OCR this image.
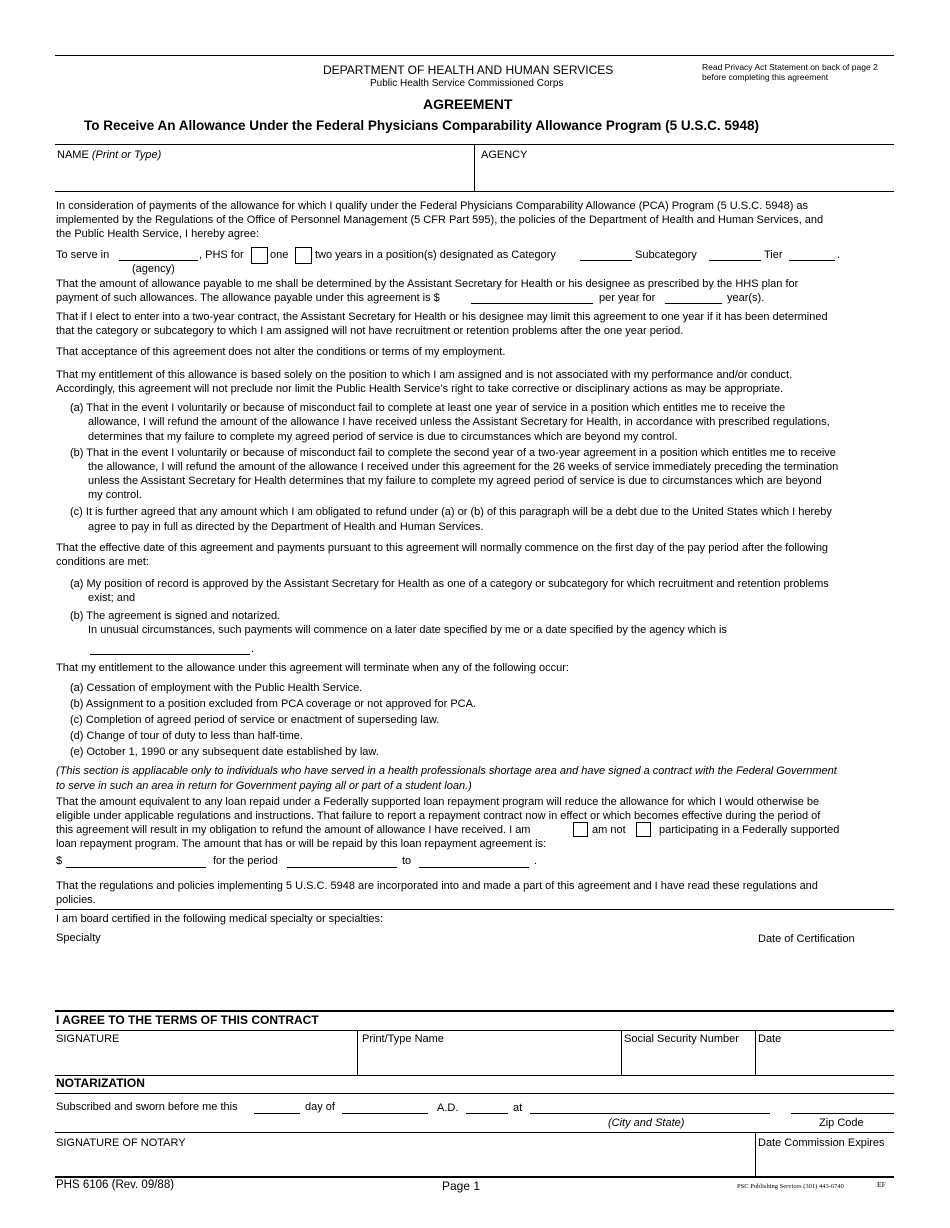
DEPARTMENT OF HEALTH AND HUMAN SERVICES
Public Health Service Commissioned Corps
Read Privacy Act Statement on back of page 2
before completing this agreement
AGREEMENT
To Receive An Allowance Under the Federal Physicians Comparability Allowance Program (5 U.S.C. 5948)
NAME (Print or Type)	AGENCY
In consideration of payments of the allowance for which I qualify under the Federal Physicians Comparability Allowance (PCA) Program (5 U.S.C. 5948) as
implemented by the Regulations of the Office of Personnel Management (5 CFR Part 595), the policies of the Department of Health and Human Services, and
the Public Health Service, I hereby agree:
To serve in	, PHS for one two years in a position(s) designated as Category	Subcategory	Tier	.
(agency)
That the amount of allowance payable to me shall be determined by the Assistant Secretary for Health or his designee as prescribed by the HHS plan for
payment of such allowances. The allowance payable under this agreement is $	per year for	year(s).
That if I elect to enter into a two-year contract, the Assistant Secretary for Health or his designee may limit this agreement to one year if it has been determined
that the category or subcategory to which I am assigned will not have recruitment or retention problems after the one year period.
That acceptance of this agreement does not alter the conditions or terms of my employment.
That my entitlement of this allowance is based solely on the position to which I am assigned and is not associated with my performance and/or conduct.
Accordingly, this agreement will not preclude nor limit the Public Health Service’s right to take corrective or disciplinary actions as may be appropriate.
(a) That in the event I voluntarily or because of misconduct fail to complete at least one year of service in a position which entitles me to receive the
allowance, I will refund the amount of the allowance I have received unless the Assistant Secretary for Health, in accordance with prescribed regulations,
determines that my failure to complete my agreed period of service is due to circumstances which are beyond my control.
(b) That in the event I voluntarily or because of misconduct fail to complete the second year of a two-year agreement in a position which entitles me to receive
the allowance, I will refund the amount of the allowance I received under this agreement for the 26 weeks of service immediately preceding the termination
unless the Assistant Secretary for Health determines that my failure to complete my agreed period of service is due to circumstances which are beyond
my control.
(c) It is further agreed that any amount which I am obligated to refund under (a) or (b) of this paragraph will be a debt due to the United States which I hereby
agree to pay in full as directed by the Department of Health and Human Services.
That the effective date of this agreement and payments pursuant to this agreement will normally commence on the first day of the pay period after the following
conditions are met:
(a) My position of record is approved by the Assistant Secretary for Health as one of a category or subcategory for which recruitment and retention problems
exist; and
(b) The agreement is signed and notarized.
In unusual circumstances, such payments will commence on a later date specified by me or a date specified by the agency which is
.
That my entitlement to the allowance under this agreement will terminate when any of the following occur:
(a) Cessation of employment with the Public Health Service.
(b) Assignment to a position excluded from PCA coverage or not approved for PCA.
(c) Completion of agreed period of service or enactment of superseding law.
(d) Change of tour of duty to less than half-time.
(e) October 1, 1990 or any subsequent date established by law.
(This section is appliacable only to individuals who have served in a health professionals shortage area and have signed a contract with the Federal Government
to serve in such an area in return for Government paying all or part of a student loan.)
That the amount equivalent to any loan repaid under a Federally supported loan repayment program will reduce the allowance for which I would otherwise be
eligible under applicable regulations and instructions. That failure to report a repayment contract now in effect or which becomes effective during the period of
this agreement will result in my obligation to refund the amount of allowance I have received. I am	am not	participating in a Federally supported
loan repayment program. The amount that has or will be repaid by this loan repayment agreement is:
$	for the period	to	.
That the regulations and policies implementing 5 U.S.C. 5948 are incorporated into and made a part of this agreement and I have read these regulations and
policies.
I am board certified in the following medical specialty or specialties:
Specialty	Date of Certification
I AGREE TO THE TERMS OF THIS CONTRACT
SIGNATURE	Print/Type Name	Social Security Number Date
NOTARIZATION
Subscribed and sworn before me this	day of	A.D.	at
(City and State)	Zip Code
SIGNATURE OF NOTARY	Date Commission Expires
PHS 6106 (Rev. 09/88)	Page 1	PSC Publishing Services (301) 443-6740	EF
